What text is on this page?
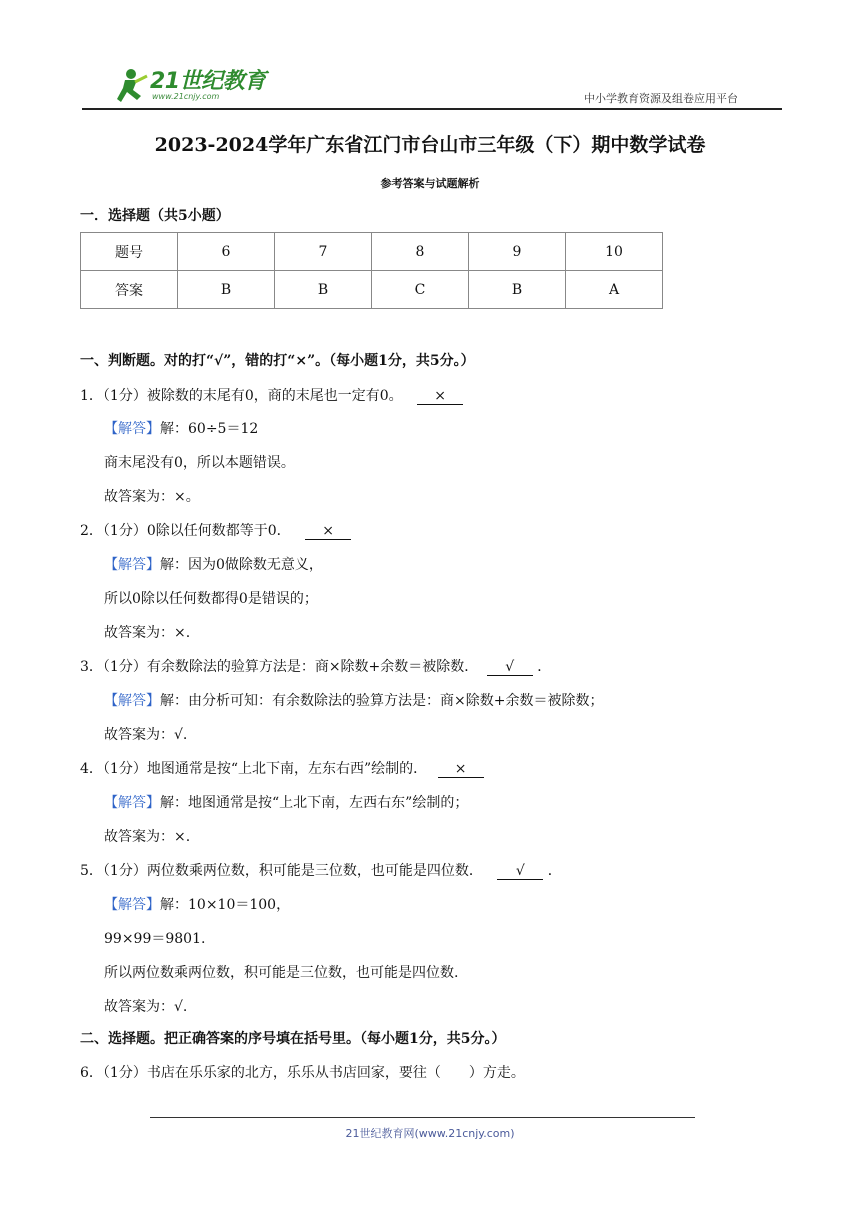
21世纪教育
www.21cnjy.com	中小学教育资源及组卷应用平台
2023-2024学年广东省江门市台山市三年级（下）期中数学试卷
参考答案与试题解析
一．选择题（共5小题）
题号	6	7	8	9	10
答案	B	B	C	B	A
一、判断题。对的打“√”，错的打“×”。（每小题1分，共5分。）
1．（1分）被除数的末尾有0，商的末尾也一定有0。 ×
【解答】解：60÷5＝12
商末尾没有0，所以本题错误。
故答案为：×。
2．（1分）0除以任何数都等于0． ×
【解答】解：因为0做除数无意义，
所以0除以任何数都得0是错误的；
故答案为：×.
3．（1分）有余数除法的验算方法是：商×除数+余数＝被除数． √ ．
【解答】解：由分析可知：有余数除法的验算方法是：商×除数+余数＝被除数；
故答案为：√.
4．（1分）地图通常是按“上北下南，左东右西”绘制的． ×
【解答】解：地图通常是按“上北下南，左西右东”绘制的；
故答案为：×.
5．（1分）两位数乘两位数，积可能是三位数，也可能是四位数． √ ．
【解答】解：10×10＝100，
99×99＝9801.
所以两位数乘两位数，积可能是三位数，也可能是四位数.
故答案为：√.
二、选择题。把正确答案的序号填在括号里。（每小题1分，共5分。）
6．（1分）书店在乐乐家的北方，乐乐从书店回家，要往（　　）方走。
21世纪教育网(www.21cnjy.com)
